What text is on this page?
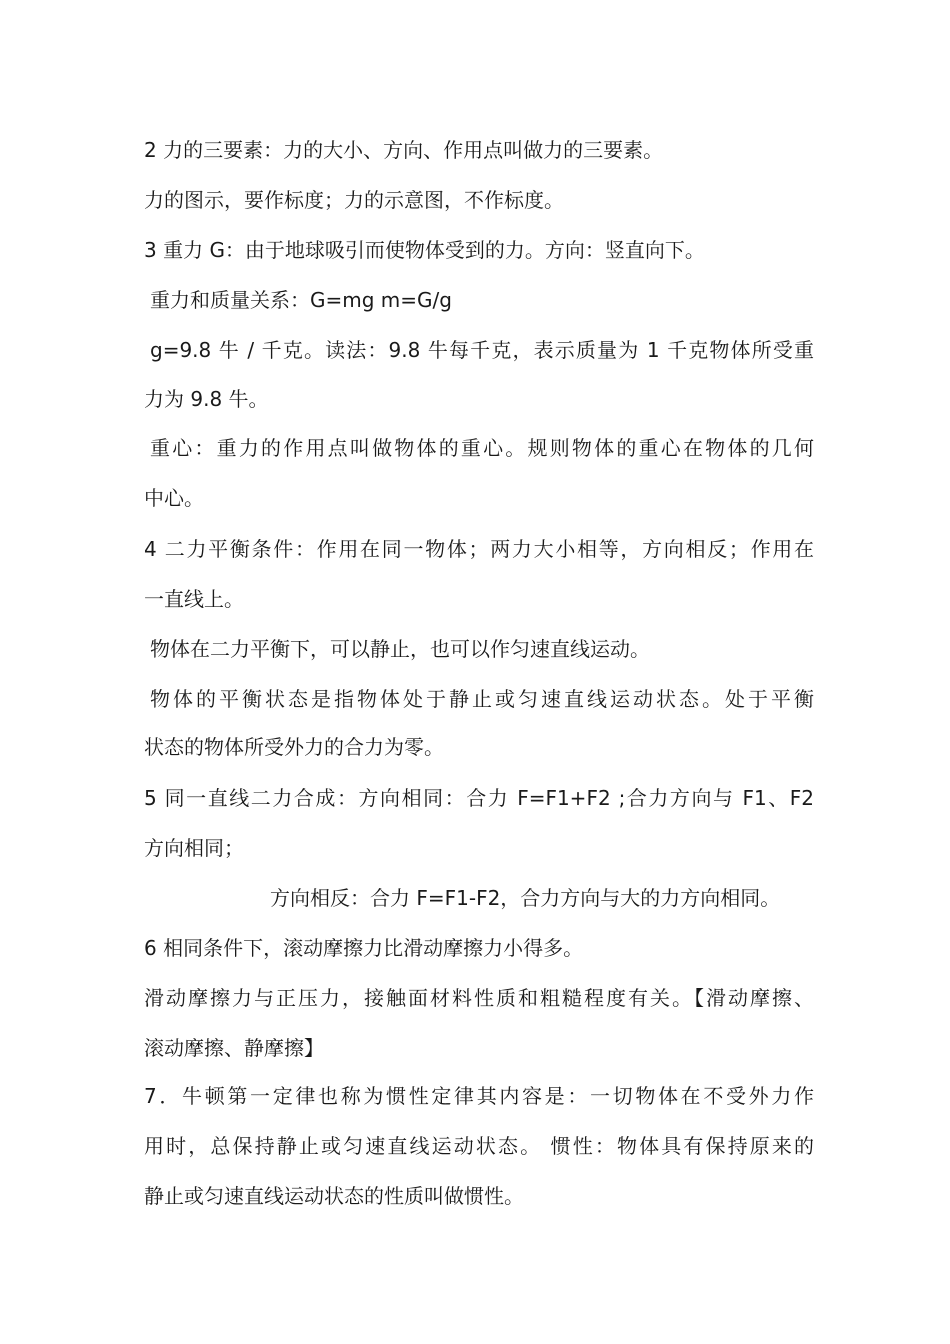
2 力的三要素：力的大小、方向、作用点叫做力的三要素。
力的图示，要作标度；力的示意图，不作标度。
3 重力 G：由于地球吸引而使物体受到的力。方向：竖直向下。
重力和质量关系：G=mg m=G/g
g=9.8 牛 / 千克。读法：9.8 牛每千克，表示质量为 1 千克物体所受重
力为 9.8 牛。
重心：重力的作用点叫做物体的重心。规则物体的重心在物体的几何
中心。
4 二力平衡条件：作用在同一物体；两力大小相等，方向相反；作用在
一直线上。
物体在二力平衡下，可以静止，也可以作匀速直线运动。
物体的平衡状态是指物体处于静止或匀速直线运动状态。处于平衡
状态的物体所受外力的合力为零。
5 同一直线二力合成：方向相同：合力 F=F1+F2 ;合力方向与 F1、F2
方向相同；
方向相反：合力 F=F1-F2，合力方向与大的力方向相同。
6 相同条件下，滚动摩擦力比滑动摩擦力小得多。
滑动摩擦力与正压力，接触面材料性质和粗糙程度有关。【滑动摩擦、
滚动摩擦、静摩擦】
7．牛顿第一定律也称为惯性定律其内容是：一切物体在不受外力作
用时，总保持静止或匀速直线运动状态。 惯性：物体具有保持原来的
静止或匀速直线运动状态的性质叫做惯性。
